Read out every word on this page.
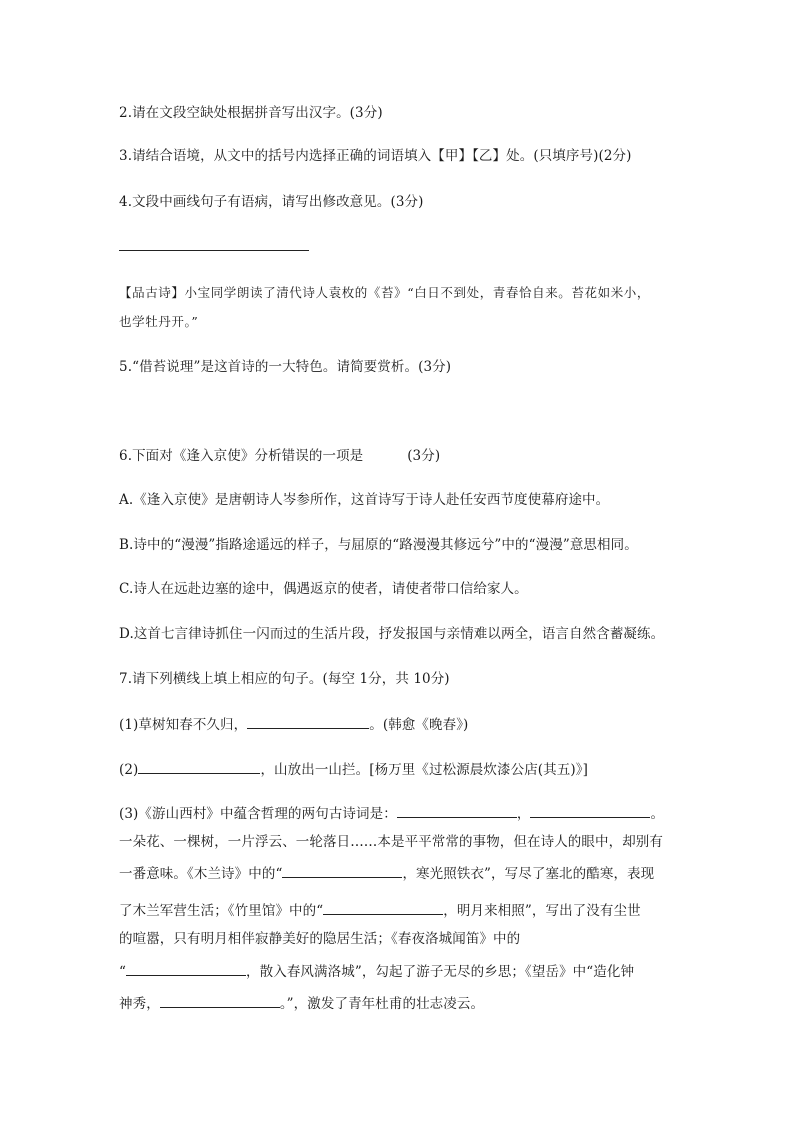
2.请在文段空缺处根据拼音写出汉字。(3分)
3.请结合语境，从文中的括号内选择正确的词语填入【甲】【乙】处。(只填序号)(2分)
4.文段中画线句子有语病，请写出修改意见。(3分)
【品古诗】小宝同学朗读了清代诗人袁枚的《苔》“白日不到处，青春恰自来。苔花如米小，
也学牡丹开。”
5.“借苔说理”是这首诗的一大特色。请简要赏析。(3分)
6.下面对《逢入京使》分析错误的一项是          (3分)
A.《逢入京使》是唐朝诗人岑参所作，这首诗写于诗人赴任安西节度使幕府途中。
B.诗中的“漫漫”指路途遥远的样子，与屈原的“路漫漫其修远兮”中的“漫漫”意思相同。
C.诗人在远赴边塞的途中，偶遇返京的使者，请使者带口信给家人。
D.这首七言律诗抓住一闪而过的生活片段，抒发报国与亲情难以两全，语言自然含蓄凝练。
7.请下列横线上填上相应的句子。(每空 1分，共 10分)
(1)草树知春不久归，	。(韩愈《晚春》)
(2)	，山放出一山拦。[杨万里《过松源晨炊漆公店(其五)》]
(3)《游山西村》中蕴含哲理的两句古诗词是：	，	。
一朵花、一棵树，一片浮云、一轮落日……本是平平常常的事物，但在诗人的眼中，却别有
一番意味。《木兰诗》中的“	，寒光照铁衣”，写尽了塞北的酷寒，表现
了木兰军营生活；《竹里馆》中的“	，明月来相照”，写出了没有尘世
的喧嚣，只有明月相伴寂静美好的隐居生活；《春夜洛城闻笛》中的
“	，散入春风满洛城”，勾起了游子无尽的乡思；《望岳》中“造化钟
神秀，	。”，激发了青年杜甫的壮志凌云。
